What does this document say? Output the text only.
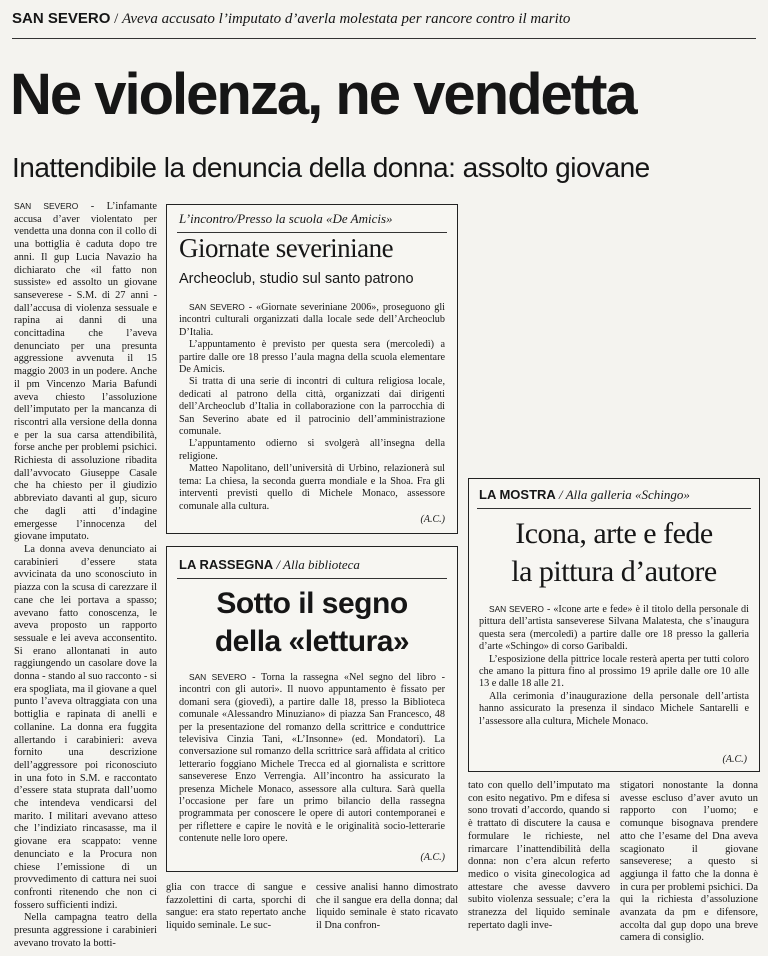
SAN SEVERO / Aveva accusato l’imputato d’averla molestata per rancore contro il marito
Ne violenza, ne vendetta
Inattendibile la denuncia della donna: assolto giovane

SAN SEVERO - L’infamante accusa d’aver violentato per vendetta una donna con il collo di una bottiglia è caduta dopo tre anni. Il gup Lucia Navazio ha dichiarato che «il fatto non sussiste» ed assolto un giovane sanseverese - S.M. di 27 anni - dall’accusa di violenza sessuale e rapina ai danni di una concittadina che l’aveva denunciato per una presunta aggressione avvenuta il 15 maggio 2003 in un podere. Anche il pm Vincenzo Maria Bafundi aveva chiesto l’assoluzione dell’imputato per la mancanza di riscontri alla versione della donna e per la sua carsa attendibilità, forse anche per problemi psichici. Richiesta di assoluzione ribadita dall’avvocato Giuseppe Casale che ha chiesto per il giudizio abbreviato davanti al gup, sicuro che dagli atti d’indagine emergesse l’innocenza del giovane imputato.

La donna aveva denunciato ai carabinieri d’essere stata avvicinata da uno sconosciuto in piazza con la scusa di carezzare il cane che lei portava a spasso; avevano fatto conoscenza, le aveva proposto un rapporto sessuale e lei aveva acconsentito. Si erano allontanati in auto raggiungendo un casolare dove la donna - stando al suo racconto - si era spogliata, ma il giovane a quel punto l’aveva oltraggiata con una bottiglia e rapinata di anelli e collanine. La donna era fuggita allertando i carabinieri: aveva fornito una descrizione dell’aggressore poi riconosciuto in una foto in S.M. e raccontato d’essere stata stuprata dall’uomo che intendeva vendicarsi del marito. I militari avevano atteso che l’indiziato rincasasse, ma il giovane era scappato: venne denunciato e la Procura non chiese l’emissione di un provvedimento di cattura nei suoi confronti ritenendo che non ci fossero sufficienti indizi.

Nella campagna teatro della presunta aggressione i carabinieri avevano trovato la botti-

glia con tracce di sangue e fazzolettini di carta, sporchi di sangue: era stato repertato anche liquido seminale. Le suc-
cessive analisi hanno dimostrato che il sangue era della donna; dal liquido seminale è stato ricavato il Dna confron-
tato con quello dell’imputato ma con esito negativo. Pm e difesa si sono trovati d’accordo, quando si è trattato di discutere la causa e formulare le richieste, nel rimarcare l’inattendibilità della donna: non c’era alcun referto medico o visita ginecologica ad attestare che avesse davvero subito violenza sessuale; c’era la stranezza del liquido seminale repertato dagli inve-
stigatori nonostante la donna avesse escluso d’aver avuto un rapporto con l’uomo; e comunque bisognava prendere atto che l’esame del Dna aveva scagionato il giovane sanseverese; a questo si aggiunga il fatto che la donna è in cura per problemi psichici. Da qui la richiesta d’assoluzione avanzata da pm e difensore, accolta dal gup dopo una breve camera di consiglio.
L’incontro/Presso la scuola «De Amicis»
Giornate severiniane
Archeoclub, studio sul santo patrono

SAN SEVERO - «Giornate severiniane 2006», proseguono gli incontri culturali organizzati dalla locale sede dell’Archeoclub D’Italia.

L’appuntamento è previsto per questa sera (mercoledì) a partire dalle ore 18 presso l’aula magna della scuola elementare De Amicis.

Si tratta di una serie di incontri di cultura religiosa locale, dedicati al patrono della città, organizzati dai dirigenti dell’Archeoclub d’Italia in collaborazione con la parrocchia di San Severino abate ed il patrocinio dell’amministrazione comunale.

L’appuntamento odierno si svolgerà all’insegna della religione.

Matteo Napolitano, dell’università di Urbino, relazionerà sul tema: La chiesa, la seconda guerra mondiale e la Shoa. Fra gli interventi previsti quello di Michele Monaco, assessore comunale alla cultura.

(A.C.)
LA RASSEGNA / Alla biblioteca
Sotto il segno
della «lettura»

SAN SEVERO - Torna la rassegna «Nel segno del libro - incontri con gli autori». Il nuovo appuntamento è fissato per domani sera (giovedì), a partire dalle 18, presso la Biblioteca comunale «Alessandro Minuziano» di piazza San Francesco, 48 per la presentazione del romanzo della scrittrice e conduttrice televisiva Cinzia Tani, «L’Insonne» (ed. Mondatori). La conversazione sul romanzo della scrittrice sarà affidata al critico letterario foggiano Michele Trecca ed al giornalista e scrittore sanseverese Enzo Verrengia. All’incontro ha assicurato la presenza Michele Monaco, assessore alla cultura. Sarà quella l’occasione per fare un primo bilancio della rassegna programmata per conoscere le opere di autori contemporanei e per riflettere e capire le novità e le originalità socio-letterarie contenute nelle loro opere.

(A.C.)
LA MOSTRA / Alla galleria «Schingo»
Icona, arte e fede
la pittura d’autore

SAN SEVERO - «Icone arte e fede» è il titolo della personale di pittura dell’artista sanseverese Silvana Malatesta, che s’inaugura questa sera (mercoledì) a partire dalle ore 18 presso la galleria d’arte «Schingo» di corso Garibaldi.

L’esposizione della pittrice locale resterà aperta per tutti coloro che amano la pittura fino al prossimo 19 aprile dalle ore 10 alle 13 e dalle 18 alle 21.

Alla cerimonia d’inaugurazione della personale dell’artista hanno assicurato la presenza il sindaco Michele Santarelli e l’assessore alla cultura, Michele Monaco.

(A.C.)
